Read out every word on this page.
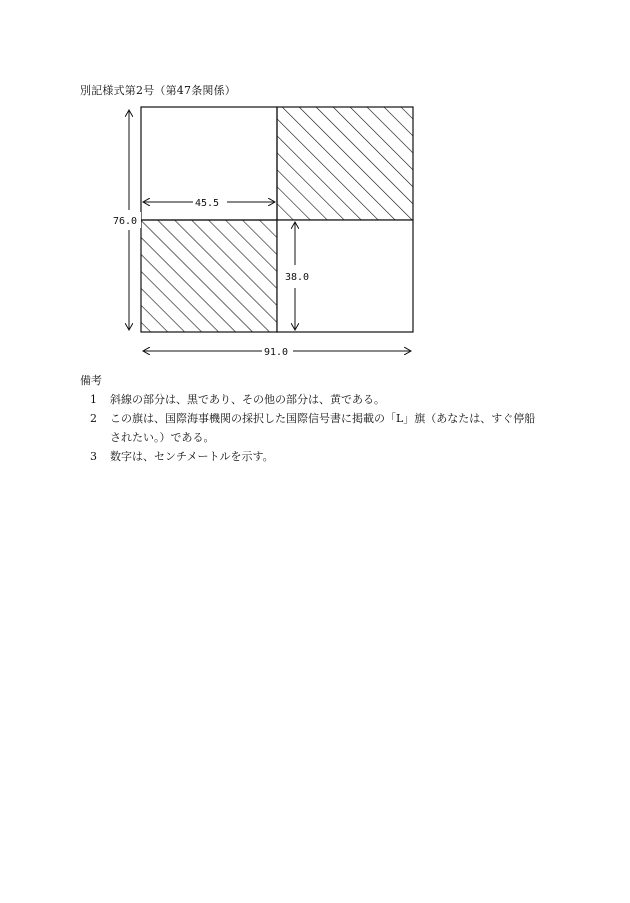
別記様式第2号（第47条関係）
76.0
45.5
38.0
91.0
備考
1	斜線の部分は、黒であり、その他の部分は、黄である。
2	この旗は、国際海事機関の採択した国際信号書に掲載の「L」旗（あなたは、すぐ停船されたい。）である。
3	数字は、センチメートルを示す。
